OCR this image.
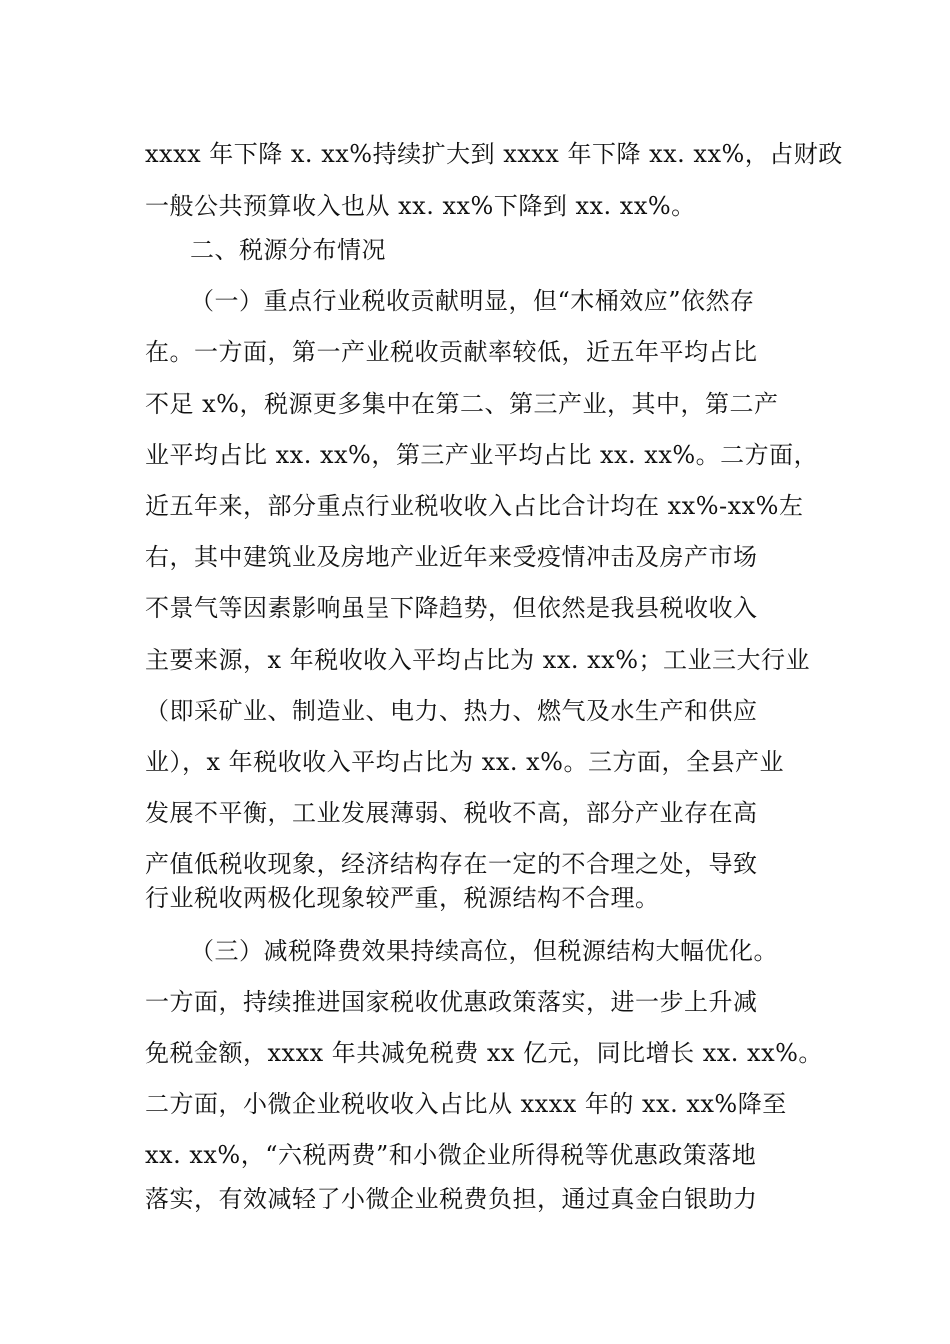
xxxx 年下降 x. xx%持续扩大到 xxxx 年下降 xx. xx%，占财政
一般公共预算收入也从 xx. xx%下降到 xx. xx%。
二、税源分布情况
（一）重点行业税收贡献明显，但“木桶效应”依然存
在。一方面，第一产业税收贡献率较低，近五年平均占比
不足 x%，税源更多集中在第二、第三产业，其中，第二产
业平均占比 xx. xx%，第三产业平均占比 xx. xx%。二方面，
近五年来，部分重点行业税收收入占比合计均在 xx%-xx%左
右，其中建筑业及房地产业近年来受疫情冲击及房产市场
不景气等因素影响虽呈下降趋势，但依然是我县税收收入
主要来源，x 年税收收入平均占比为 xx. xx%；工业三大行业
（即采矿业、制造业、电力、热力、燃气及水生产和供应
业），x 年税收收入平均占比为 xx. x%。三方面，全县产业
发展不平衡，工业发展薄弱、税收不高，部分产业存在高
产值低税收现象，经济结构存在一定的不合理之处，导致
行业税收两极化现象较严重，税源结构不合理。
（三）减税降费效果持续高位，但税源结构大幅优化。
一方面，持续推进国家税收优惠政策落实，进一步上升减
免税金额，xxxx 年共减免税费 xx 亿元，同比增长 xx. xx%。
二方面，小微企业税收收入占比从 xxxx 年的 xx. xx%降至
xx. xx%，“六税两费”和小微企业所得税等优惠政策落地
落实，有效减轻了小微企业税费负担，通过真金白银助力
